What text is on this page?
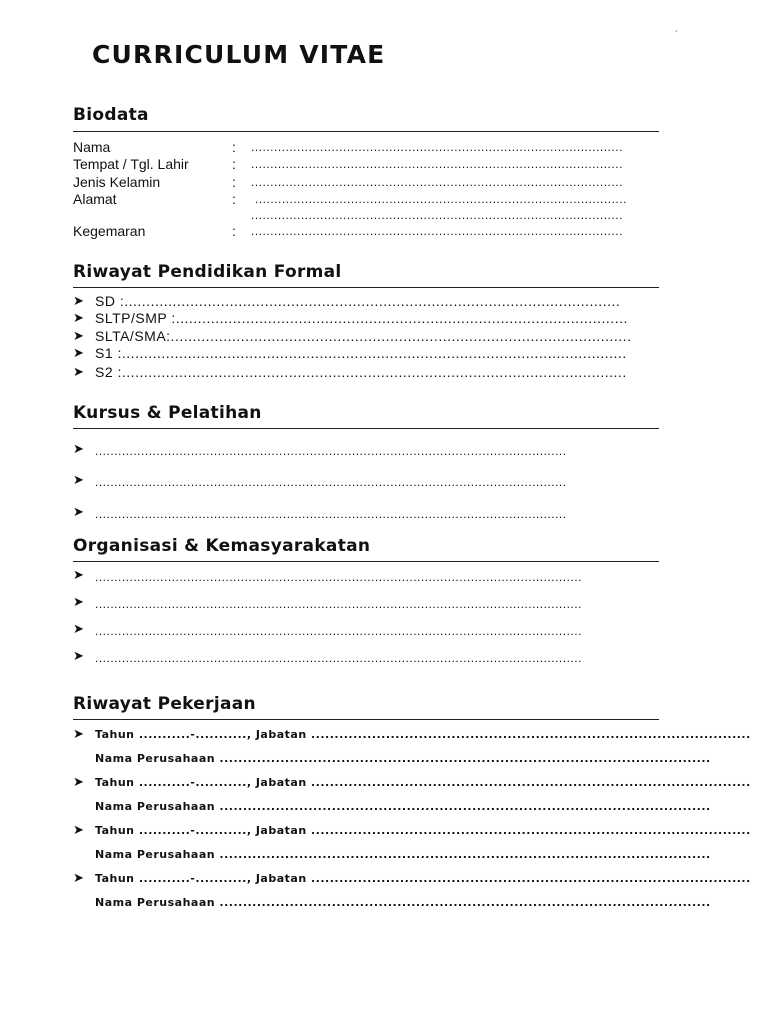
´
CURRICULUM VITAE
Biodata
Nama	: .................................................................................................
Tempat / Tgl. Lahir	: .................................................................................................
Jenis Kelamin	: .................................................................................................
Alamat	: .................................................................................................
.................................................................................................
Kegemaran	: .................................................................................................
Riwayat Pendidikan Formal
➤ SD :.................................................................................................................
➤ SLTP/SMP :.......................................................................................................
➤ SLTA/SMA:.........................................................................................................
➤ S1 :...................................................................................................................
➤ S2 :...................................................................................................................
Kursus & Pelatihan
➤ ...........................................................................................................................
➤ ...........................................................................................................................
➤ ...........................................................................................................................
Organisasi & Kemasyarakatan
➤ ...............................................................................................................................
➤ ...............................................................................................................................
➤ ...............................................................................................................................
➤ ...............................................................................................................................
Riwayat Pekerjaan
➤ Tahun ...........-..........., Jabatan ..............................................................................................
Nama Perusahaan .........................................................................................................
➤ Tahun ...........-..........., Jabatan ..............................................................................................
Nama Perusahaan .........................................................................................................
➤ Tahun ...........-..........., Jabatan ..............................................................................................
Nama Perusahaan .........................................................................................................
➤ Tahun ...........-..........., Jabatan ..............................................................................................
Nama Perusahaan .........................................................................................................
